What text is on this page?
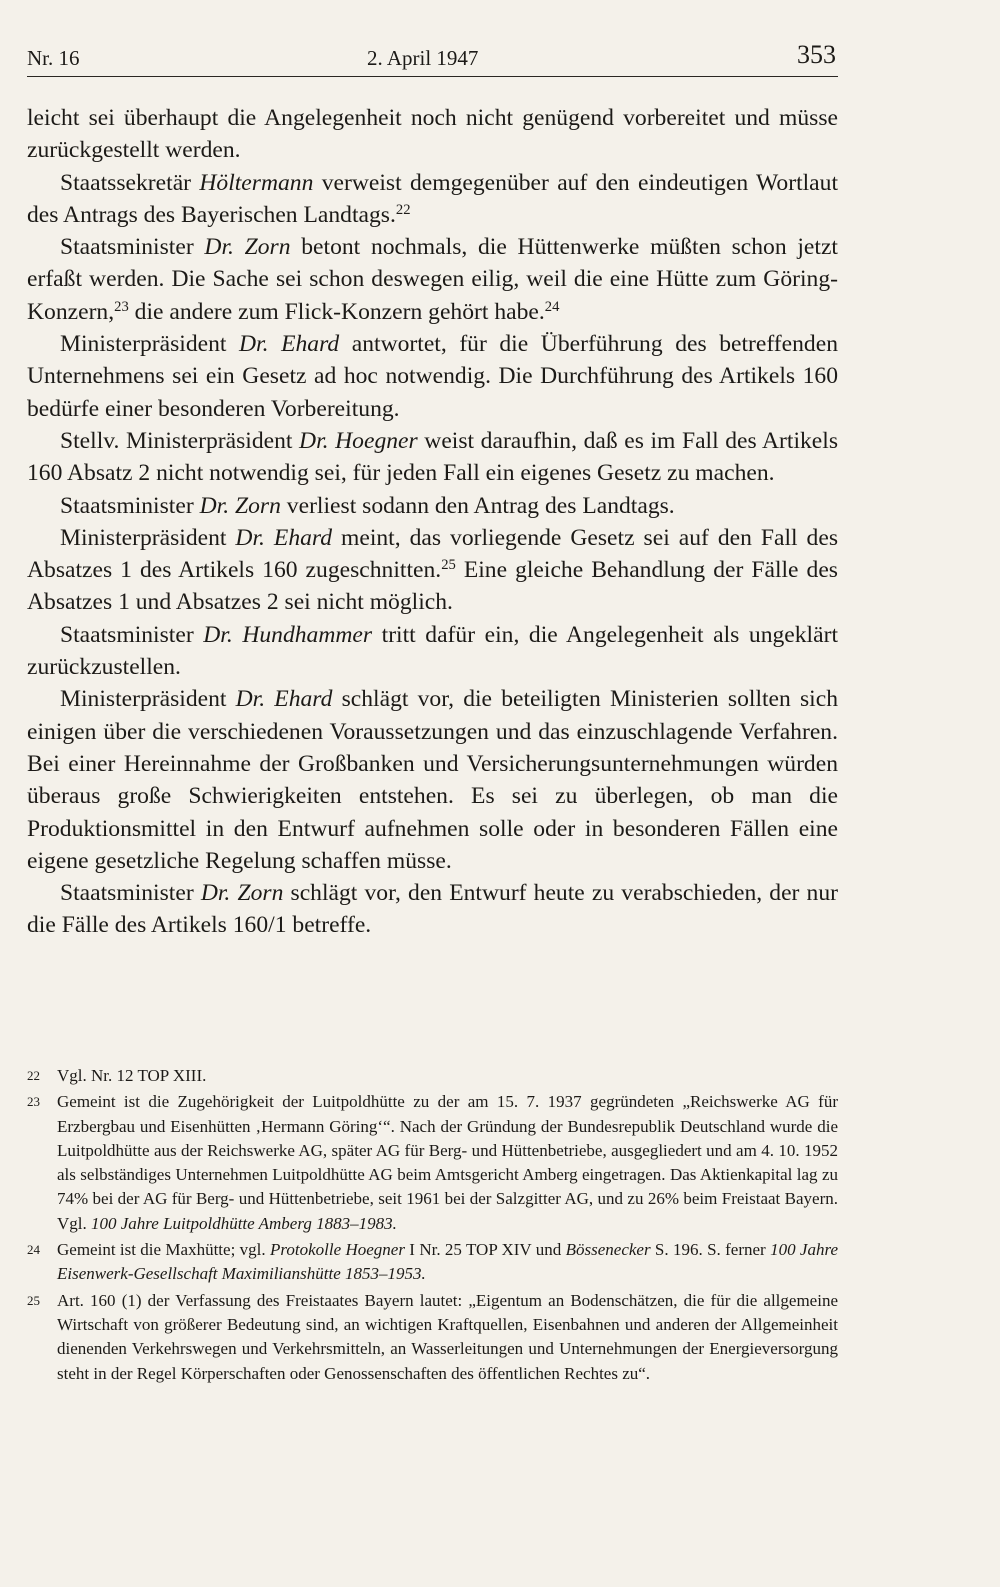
Nr. 16	2. April 1947	353

leicht sei überhaupt die Angelegenheit noch nicht genügend vorbereitet und müsse zurückgestellt werden.

Staatssekretär Höltermann verweist demgegenüber auf den eindeutigen Wortlaut des Antrags des Bayerischen Landtags.$^{22}$

Staatsminister Dr. Zorn betont nochmals, die Hüttenwerke müßten schon jetzt erfaßt werden. Die Sache sei schon deswegen eilig, weil die eine Hütte zum Göring-Konzern,$^{23}$ die andere zum Flick-Konzern gehört habe.$^{24}$

Ministerpräsident Dr. Ehard antwortet, für die Überführung des betreffenden Unternehmens sei ein Gesetz ad hoc notwendig. Die Durchführung des Artikels 160 bedürfe einer besonderen Vorbereitung.

Stellv. Ministerpräsident Dr. Hoegner weist daraufhin, daß es im Fall des Artikels 160 Absatz 2 nicht notwendig sei, für jeden Fall ein eigenes Gesetz zu machen.

Staatsminister Dr. Zorn verliest sodann den Antrag des Landtags.

Ministerpräsident Dr. Ehard meint, das vorliegende Gesetz sei auf den Fall des Absatzes 1 des Artikels 160 zugeschnitten.$^{25}$ Eine gleiche Behandlung der Fälle des Absatzes 1 und Absatzes 2 sei nicht möglich.

Staatsminister Dr. Hundhammer tritt dafür ein, die Angelegenheit als ungeklärt zurückzustellen.

Ministerpräsident Dr. Ehard schlägt vor, die beteiligten Ministerien sollten sich einigen über die verschiedenen Voraussetzungen und das einzuschlagende Verfahren. Bei einer Hereinnahme der Großbanken und Versicherungsunternehmungen würden überaus große Schwierigkeiten entstehen. Es sei zu überlegen, ob man die Produktionsmittel in den Entwurf aufnehmen solle oder in besonderen Fällen eine eigene gesetzliche Regelung schaffen müsse.

Staatsminister Dr. Zorn schlägt vor, den Entwurf heute zu verabschieden, der nur die Fälle des Artikels 160/1 betreffe.

22 Vgl. Nr. 12 TOP XIII.
23 Gemeint ist die Zugehörigkeit der Luitpoldhütte zu der am 15. 7. 1937 gegründeten „Reichswerke AG für Erzbergbau und Eisenhütten ‚Hermann Göring‘“. Nach der Gründung der Bundesrepublik Deutschland wurde die Luitpoldhütte aus der Reichswerke AG, später AG für Berg- und Hüttenbetriebe, ausgegliedert und am 4. 10. 1952 als selbständiges Unternehmen Luitpoldhütte AG beim Amtsgericht Amberg eingetragen. Das Aktienkapital lag zu 74% bei der AG für Berg- und Hüttenbetriebe, seit 1961 bei der Salzgitter AG, und zu 26% beim Freistaat Bayern. Vgl. 100 Jahre Luitpoldhütte Amberg 1883–1983.
24 Gemeint ist die Maxhütte; vgl. Protokolle Hoegner I Nr. 25 TOP XIV und Bössenecker S. 196. S. ferner 100 Jahre Eisenwerk-Gesellschaft Maximilianshütte 1853–1953.
25 Art. 160 (1) der Verfassung des Freistaates Bayern lautet: „Eigentum an Bodenschätzen, die für die allgemeine Wirtschaft von größerer Bedeutung sind, an wichtigen Kraftquellen, Eisenbahnen und anderen der Allgemeinheit dienenden Verkehrswegen und Verkehrsmitteln, an Wasserleitungen und Unternehmungen der Energieversorgung steht in der Regel Körperschaften oder Genossenschaften des öffentlichen Rechtes zu“.
